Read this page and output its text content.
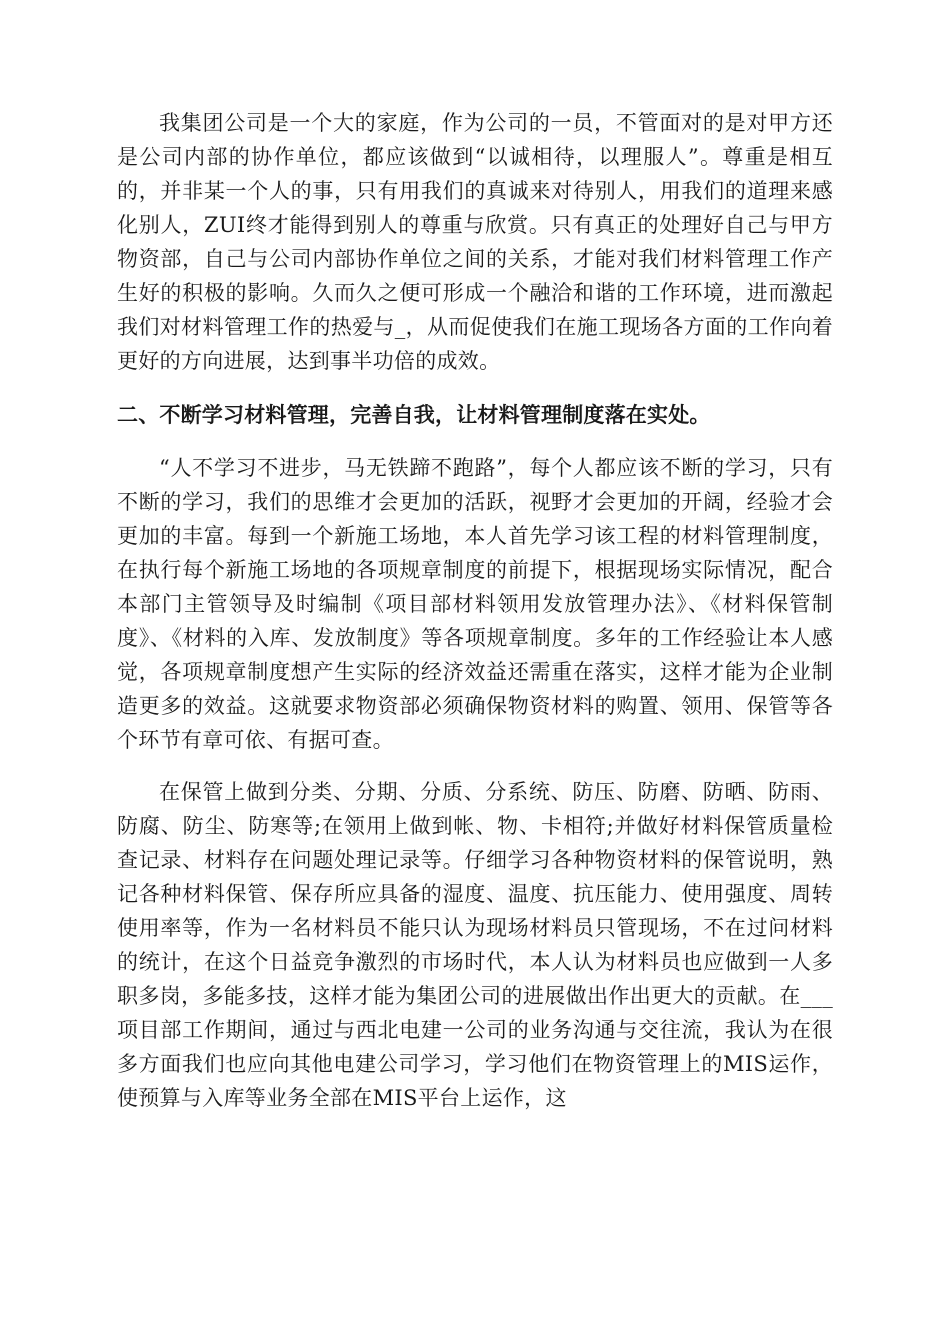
我集团公司是一个大的家庭，作为公司的一员，不管面对的是对甲方还是公司内部的协作单位，都应该做到“以诚相待，以理服人”。尊重是相互的，并非某一个人的事，只有用我们的真诚来对待别人，用我们的道理来感化别人，ZUI终才能得到别人的尊重与欣赏。只有真正的处理好自己与甲方物资部，自己与公司内部协作单位之间的关系，才能对我们材料管理工作产生好的积极的影响。久而久之便可形成一个融洽和谐的工作环境，进而激起我们对材料管理工作的热爱与_，从而促使我们在施工现场各方面的工作向着更好的方向进展，达到事半功倍的成效。

二、不断学习材料管理，完善自我，让材料管理制度落在实处。

“人不学习不进步，马无铁蹄不跑路”，每个人都应该不断的学习，只有不断的学习，我们的思维才会更加的活跃，视野才会更加的开阔，经验才会更加的丰富。每到一个新施工场地，本人首先学习该工程的材料管理制度，在执行每个新施工场地的各项规章制度的前提下，根据现场实际情况，配合本部门主管领导及时编制《项目部材料领用发放管理办法》、《材料保管制度》、《材料的入库、发放制度》等各项规章制度。多年的工作经验让本人感觉，各项规章制度想产生实际的经济效益还需重在落实，这样才能为企业制造更多的效益。这就要求物资部必须确保物资材料的购置、领用、保管等各个环节有章可依、有据可查。

在保管上做到分类、分期、分质、分系统、防压、防磨、防晒、防雨、防腐、防尘、防寒等;在领用上做到帐、物、卡相符;并做好材料保管质量检查记录、材料存在问题处理记录等。仔细学习各种物资材料的保管说明，熟记各种材料保管、保存所应具备的湿度、温度、抗压能力、使用强度、周转使用率等，作为一名材料员不能只认为现场材料员只管现场，不在过问材料的统计，在这个日益竞争激烈的市场时代，本人认为材料员也应做到一人多职多岗，多能多技，这样才能为集团公司的进展做出作出更大的贡献。在___项目部工作期间，通过与西北电建一公司的业务沟通与交往流，我认为在很多方面我们也应向其他电建公司学习，学习他们在物资管理上的MIS运作，使预算与入库等业务全部在MIS平台上运作，这
